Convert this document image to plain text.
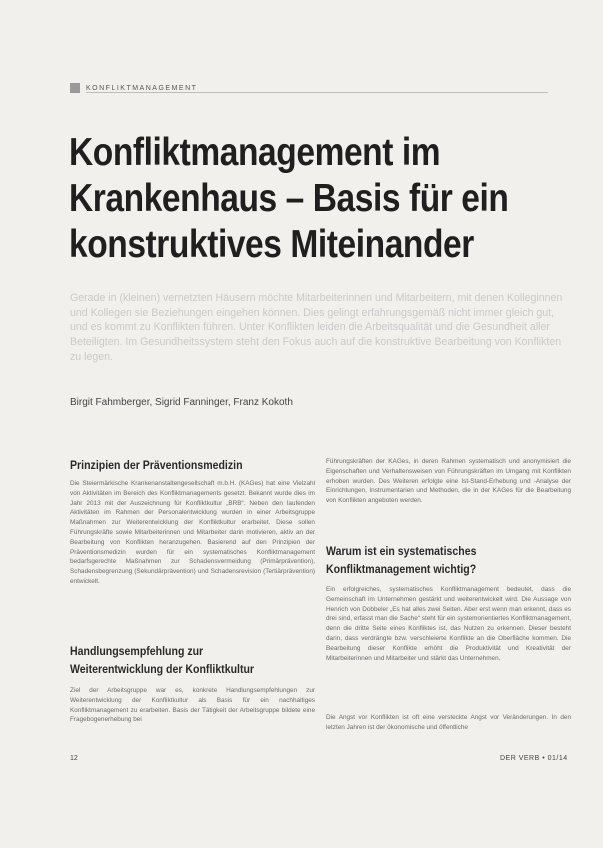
KONFLIKTMANAGEMENT
Konfliktmanagement im
Krankenhaus – Basis für ein
konstruktives Miteinander
Gerade in (kleinen) vernetzten Häusern möchte Mitarbeiterinnen und Mitarbeitern, mit denen Kolleginnen und Kollegen sie Beziehungen eingehen können. Dies gelingt erfahrungsgemäß nicht immer gleich gut, und es kommt zu Konflikten führen. Unter Konflikten leiden die Arbeitsqualität und die Gesundheit aller Beteiligten. Im Gesundheitssystem steht den Fokus auch auf die konstruktive Bearbeitung von Konflikten zu legen.
Birgit Fahmberger, Sigrid Fanninger, Franz Kokoth
Prinzipien der Präventionsmedizin
Die Steiermärkische Krankenanstaltengesellschaft m.b.H. (KAGes) hat eine Vielzahl von Aktivitäten im Bereich des Konfliktmanagements gesetzt. Bekannt wurde dies im Jahr 2013 mit der Auszeichnung für Konfliktkultur „BRB“. Neben den laufenden Aktivitäten im Rahmen der Personalentwicklung wurden in einer Arbeitsgruppe Maßnahmen zur Weiterentwicklung der Konfliktkultur erarbeitet. Diese sollen Führungskräfte sowie Mitarbeiterinnen und Mitarbeiter darin motivieren, aktiv an der Bearbeitung von Konflikten heranzugehen. Basierend auf den Prinzipien der Präventionsmedizin wurden für ein systematisches Konfliktmanagement bedarfsgerechte Maßnahmen zur Schadensvermeidung (Primärprävention), Schadensbegrenzung (Sekundärprävention) und Schadensrevision (Tertiärprävention) entwickelt.
Handlungsempfehlung zur
Weiterentwicklung der Konfliktkultur
Ziel der Arbeitsgruppe war es, konkrete Handlungsempfehlungen zur Weiterentwicklung der Konfliktkultur als Basis für ein nachhaltiges Konfliktmanagement zu erarbeiten. Basis der Tätigkeit der Arbeitsgruppe bildete eine Fragebogenerhebung bei
Führungskräften der KAGes, in deren Rahmen systematisch und anonymisiert die Eigenschaften und Verhaltensweisen von Führungskräften im Umgang mit Konflikten erhoben wurden. Des Weiteren erfolgte eine Ist-Stand-Erhebung und -Analyse der Einrichtungen, Instrumentarien und Methoden, die in der KAGes für die Bearbeitung von Konflikten angeboten werden.
Warum ist ein systematisches
Konfliktmanagement wichtig?
Ein erfolgreiches, systematisches Konfliktmanagement bedeutet, dass die Gemeinschaft im Unternehmen gestärkt und weiterentwickelt wird. Die Aussage von Henrich von Dobbeler „Es hat alles zwei Seiten. Aber erst wenn man erkennt, dass es drei sind, erfasst man die Sache“ steht für ein systemorientiertes Konfliktmanagement, denn die dritte Seite eines Konfliktes ist, das Nutzen zu erkennen. Dieser besteht darin, dass verdrängte bzw. verschleierte Konflikte an die Oberfläche kommen. Die Bearbeitung dieser Konflikte erhöht die Produktivität und Kreativität der Mitarbeiterinnen und Mitarbeiter und stärkt das Unternehmen.
Die Angst vor Konflikten ist oft eine versteckte Angst vor Veränderungen. In den letzten Jahren ist der ökonomische und öffentliche
12	DER VERB • 01/14
